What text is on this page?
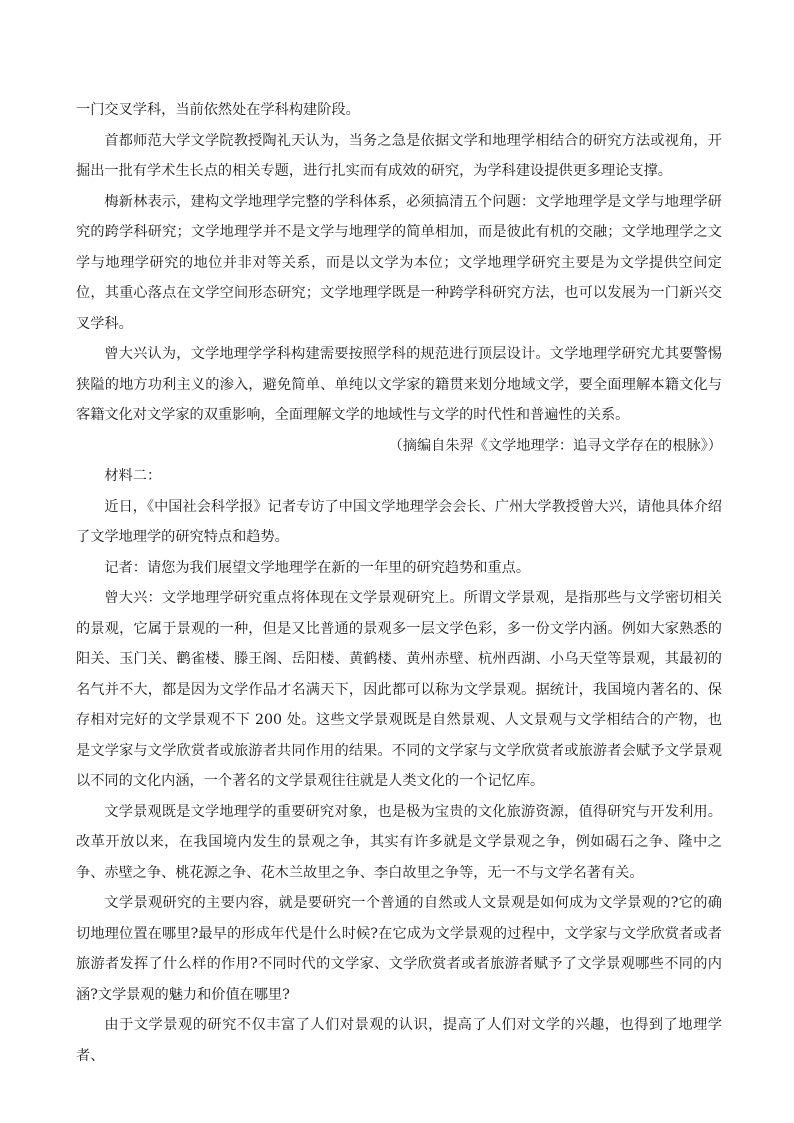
一门交叉学科，当前依然处在学科构建阶段。

首都师范大学文学院教授陶礼天认为，当务之急是依据文学和地理学相结合的研究方法或视角，开掘出一批有学术生长点的相关专题，进行扎实而有成效的研究，为学科建设提供更多理论支撑。

梅新林表示，建构文学地理学完整的学科体系，必须搞清五个问题：文学地理学是文学与地理学研究的跨学科研究；文学地理学并不是文学与地理学的简单相加，而是彼此有机的交融；文学地理学之文学与地理学研究的地位并非对等关系，而是以文学为本位；文学地理学研究主要是为文学提供空间定位，其重心落点在文学空间形态研究；文学地理学既是一种跨学科研究方法，也可以发展为一门新兴交叉学科。

曾大兴认为，文学地理学学科构建需要按照学科的规范进行顶层设计。文学地理学研究尤其要警惕狭隘的地方功利主义的渗入，避免简单、单纯以文学家的籍贯来划分地域文学，要全面理解本籍文化与客籍文化对文学家的双重影响，全面理解文学的地域性与文学的时代性和普遍性的关系。

（摘编自朱羿《文学地理学：追寻文学存在的根脉》）

材料二：

近日，《中国社会科学报》记者专访了中国文学地理学会会长、广州大学教授曾大兴，请他具体介绍了文学地理学的研究特点和趋势。

记者：请您为我们展望文学地理学在新的一年里的研究趋势和重点。

曾大兴：文学地理学研究重点将体现在文学景观研究上。所谓文学景观，是指那些与文学密切相关的景观，它属于景观的一种，但是又比普通的景观多一层文学色彩，多一份文学内涵。例如大家熟悉的阳关、玉门关、鹳雀楼、滕王阁、岳阳楼、黄鹤楼、黄州赤壁、杭州西湖、小乌天堂等景观，其最初的名气并不大，都是因为文学作品才名满天下，因此都可以称为文学景观。据统计，我国境内著名的、保存相对完好的文学景观不下 200 处。这些文学景观既是自然景观、人文景观与文学相结合的产物，也是文学家与文学欣赏者或旅游者共同作用的结果。不同的文学家与文学欣赏者或旅游者会赋予文学景观以不同的文化内涵，一个著名的文学景观往往就是人类文化的一个记忆库。

文学景观既是文学地理学的重要研究对象，也是极为宝贵的文化旅游资源，值得研究与开发利用。改革开放以来，在我国境内发生的景观之争，其实有许多就是文学景观之争，例如碣石之争、隆中之争、赤壁之争、桃花源之争、花木兰故里之争、李白故里之争等，无一不与文学名著有关。

文学景观研究的主要内容，就是要研究一个普通的自然或人文景观是如何成为文学景观的?它的确切地理位置在哪里?最早的形成年代是什么时候?在它成为文学景观的过程中，文学家与文学欣赏者或者旅游者发挥了什么样的作用?不同时代的文学家、文学欣赏者或者旅游者赋予了文学景观哪些不同的内涵?文学景观的魅力和价值在哪里?

由于文学景观的研究不仅丰富了人们对景观的认识，提高了人们对文学的兴趣，也得到了地理学者、
